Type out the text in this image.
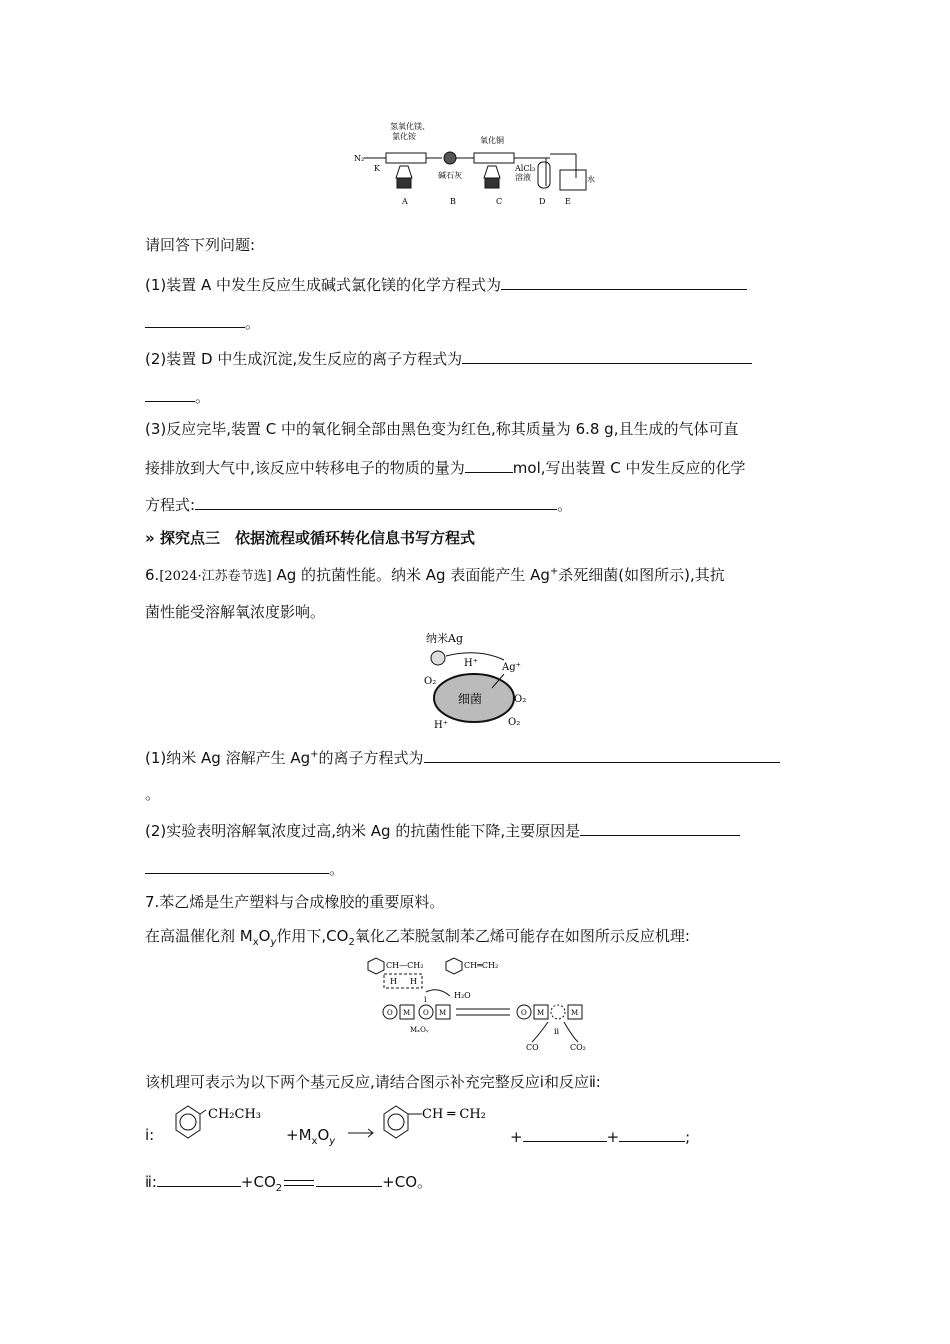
氢氧化镁、
氯化铵	氧化铜
N₂
K
碱石灰
AlCl₃
溶液	水
A	B	C	D E
请回答下列问题:
(1)装置 A 中发生反应生成碱式氯化镁的化学方程式为
。
(2)装置 D 中生成沉淀,发生反应的离子方程式为
。
(3)反应完毕,装置 C 中的氧化铜全部由黑色变为红色,称其质量为 6.8 g,且生成的气体可直
接排放到大气中,该反应中转移电子的物质的量为	mol,写出装置 C 中发生反应的化学
方程式:	。
» 探究点三　依据流程或循环转化信息书写方程式
6.[2024·江苏卷节选] Ag 的抗菌性能。纳米 Ag 表面能产生 Ag+杀死细菌(如图所示),其抗
菌性能受溶解氧浓度影响。
纳米Ag
H⁺ Ag⁺
O₂
细菌	O₂
O₂
H⁺
(1)纳米 Ag 溶解产生 Ag+的离子方程式为
。
(2)实验表明溶解氧浓度过高,纳米 Ag 的抗菌性能下降,主要原因是
。
7.苯乙烯是生产塑料与合成橡胶的重要原料。
在高温催化剂 $M_xO_y$作用下$,CO_2$氧化乙苯脱氢制苯乙烯可能存在如图所示反应机理:
CH—CH₂
H H
CH═CH₂
H₂O
O M O M
i
O M	M
ii
MₓOᵧ
CO	CO₂
该机理可表示为以下两个基元反应,请结合图示补充完整反应ⅰ和反应ⅱ:
ⅰ:
CH₂CH₃
$+M_xO_y$
CH ═ CH₂
+	+	;
ⅱ:	$+CO_2$	+CO。
